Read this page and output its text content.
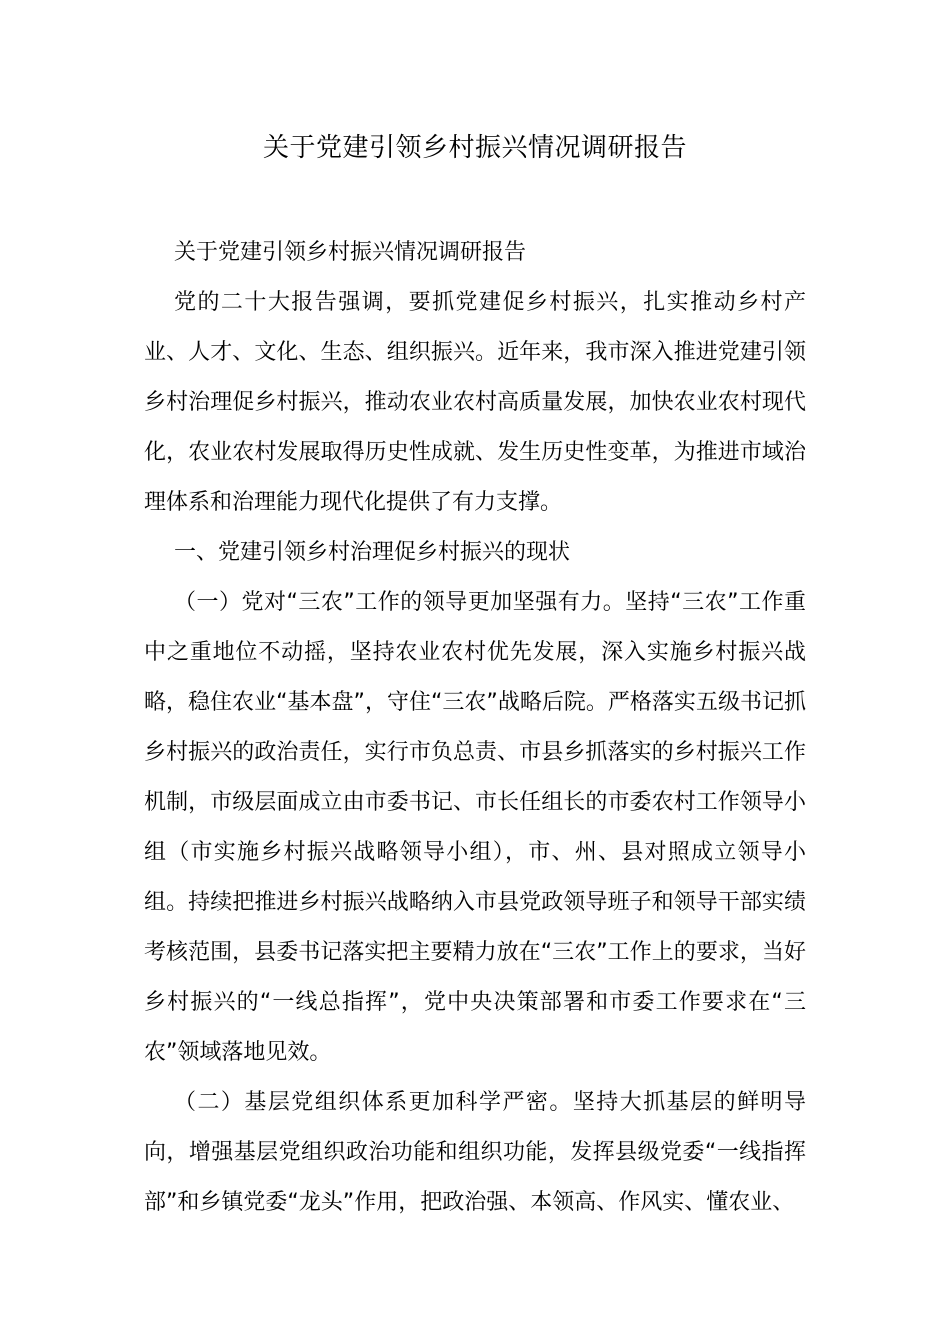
关于党建引领乡村振兴情况调研报告

关于党建引领乡村振兴情况调研报告

党的二十大报告强调，要抓党建促乡村振兴，扎实推动乡村产业、人才、文化、生态、组织振兴。近年来，我市深入推进党建引领乡村治理促乡村振兴，推动农业农村高质量发展，加快农业农村现代化，农业农村发展取得历史性成就、发生历史性变革，为推进市域治理体系和治理能力现代化提供了有力支撑。

一、党建引领乡村治理促乡村振兴的现状

（一）党对“三农”工作的领导更加坚强有力。坚持“三农”工作重中之重地位不动摇，坚持农业农村优先发展，深入实施乡村振兴战略，稳住农业“基本盘”，守住“三农”战略后院。严格落实五级书记抓乡村振兴的政治责任，实行市负总责、市县乡抓落实的乡村振兴工作机制，市级层面成立由市委书记、市长任组长的市委农村工作领导小组（市实施乡村振兴战略领导小组），市、州、县对照成立领导小组。持续把推进乡村振兴战略纳入市县党政领导班子和领导干部实绩考核范围，县委书记落实把主要精力放在“三农”工作上的要求，当好乡村振兴的“一线总指挥”，党中央决策部署和市委工作要求在“三农”领域落地见效。

（二）基层党组织体系更加科学严密。坚持大抓基层的鲜明导向，增强基层党组织政治功能和组织功能，发挥县级党委“一线指挥部”和乡镇党委“龙头”作用，把政治强、本领高、作风实、懂农业、
